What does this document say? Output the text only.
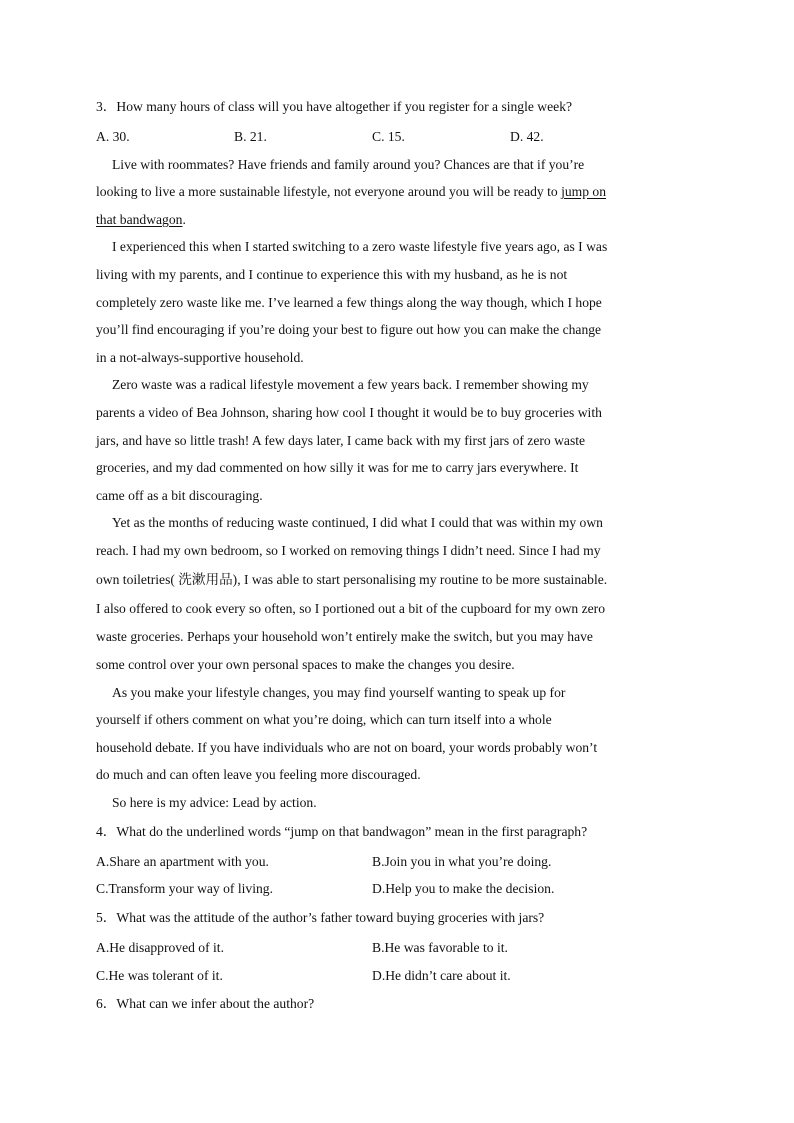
3．How many hours of class will you have altogether if you register for a single week?
A. 30.	B. 21.	C. 15.	D. 42.
Live with roommates? Have friends and family around you? Chances are that if you’re
looking to live a more sustainable lifestyle, not everyone around you will be ready to jump on
that bandwagon.
I experienced this when I started switching to a zero waste lifestyle five years ago, as I was
living with my parents, and I continue to experience this with my husband, as he is not
completely zero waste like me. I’ve learned a few things along the way though, which I hope
you’ll find encouraging if you’re doing your best to figure out how you can make the change
in a not-always-supportive household.
Zero waste was a radical lifestyle movement a few years back. I remember showing my
parents a video of Bea Johnson, sharing how cool I thought it would be to buy groceries with
jars, and have so little trash! A few days later, I came back with my first jars of zero waste
groceries, and my dad commented on how silly it was for me to carry jars everywhere. It
came off as a bit discouraging.
Yet as the months of reducing waste continued, I did what I could that was within my own
reach. I had my own bedroom, so I worked on removing things I didn’t need. Since I had my
own toiletries( 洗漱用品), I was able to start personalising my routine to be more sustainable.
I also offered to cook every so often, so I portioned out a bit of the cupboard for my own zero
waste groceries. Perhaps your household won’t entirely make the switch, but you may have
some control over your own personal spaces to make the changes you desire.
As you make your lifestyle changes, you may find yourself wanting to speak up for
yourself if others comment on what you’re doing, which can turn itself into a whole
household debate. If you have individuals who are not on board, your words probably won’t
do much and can often leave you feeling more discouraged.
So here is my advice: Lead by action.
4．What do the underlined words “jump on that bandwagon” mean in the first paragraph?
A.Share an apartment with you.	B.Join you in what you’re doing.
C.Transform your way of living.	D.Help you to make the decision.
5．What was the attitude of the author’s father toward buying groceries with jars?
A.He disapproved of it.	B.He was favorable to it.
C.He was tolerant of it.	D.He didn’t care about it.
6．What can we infer about the author?
